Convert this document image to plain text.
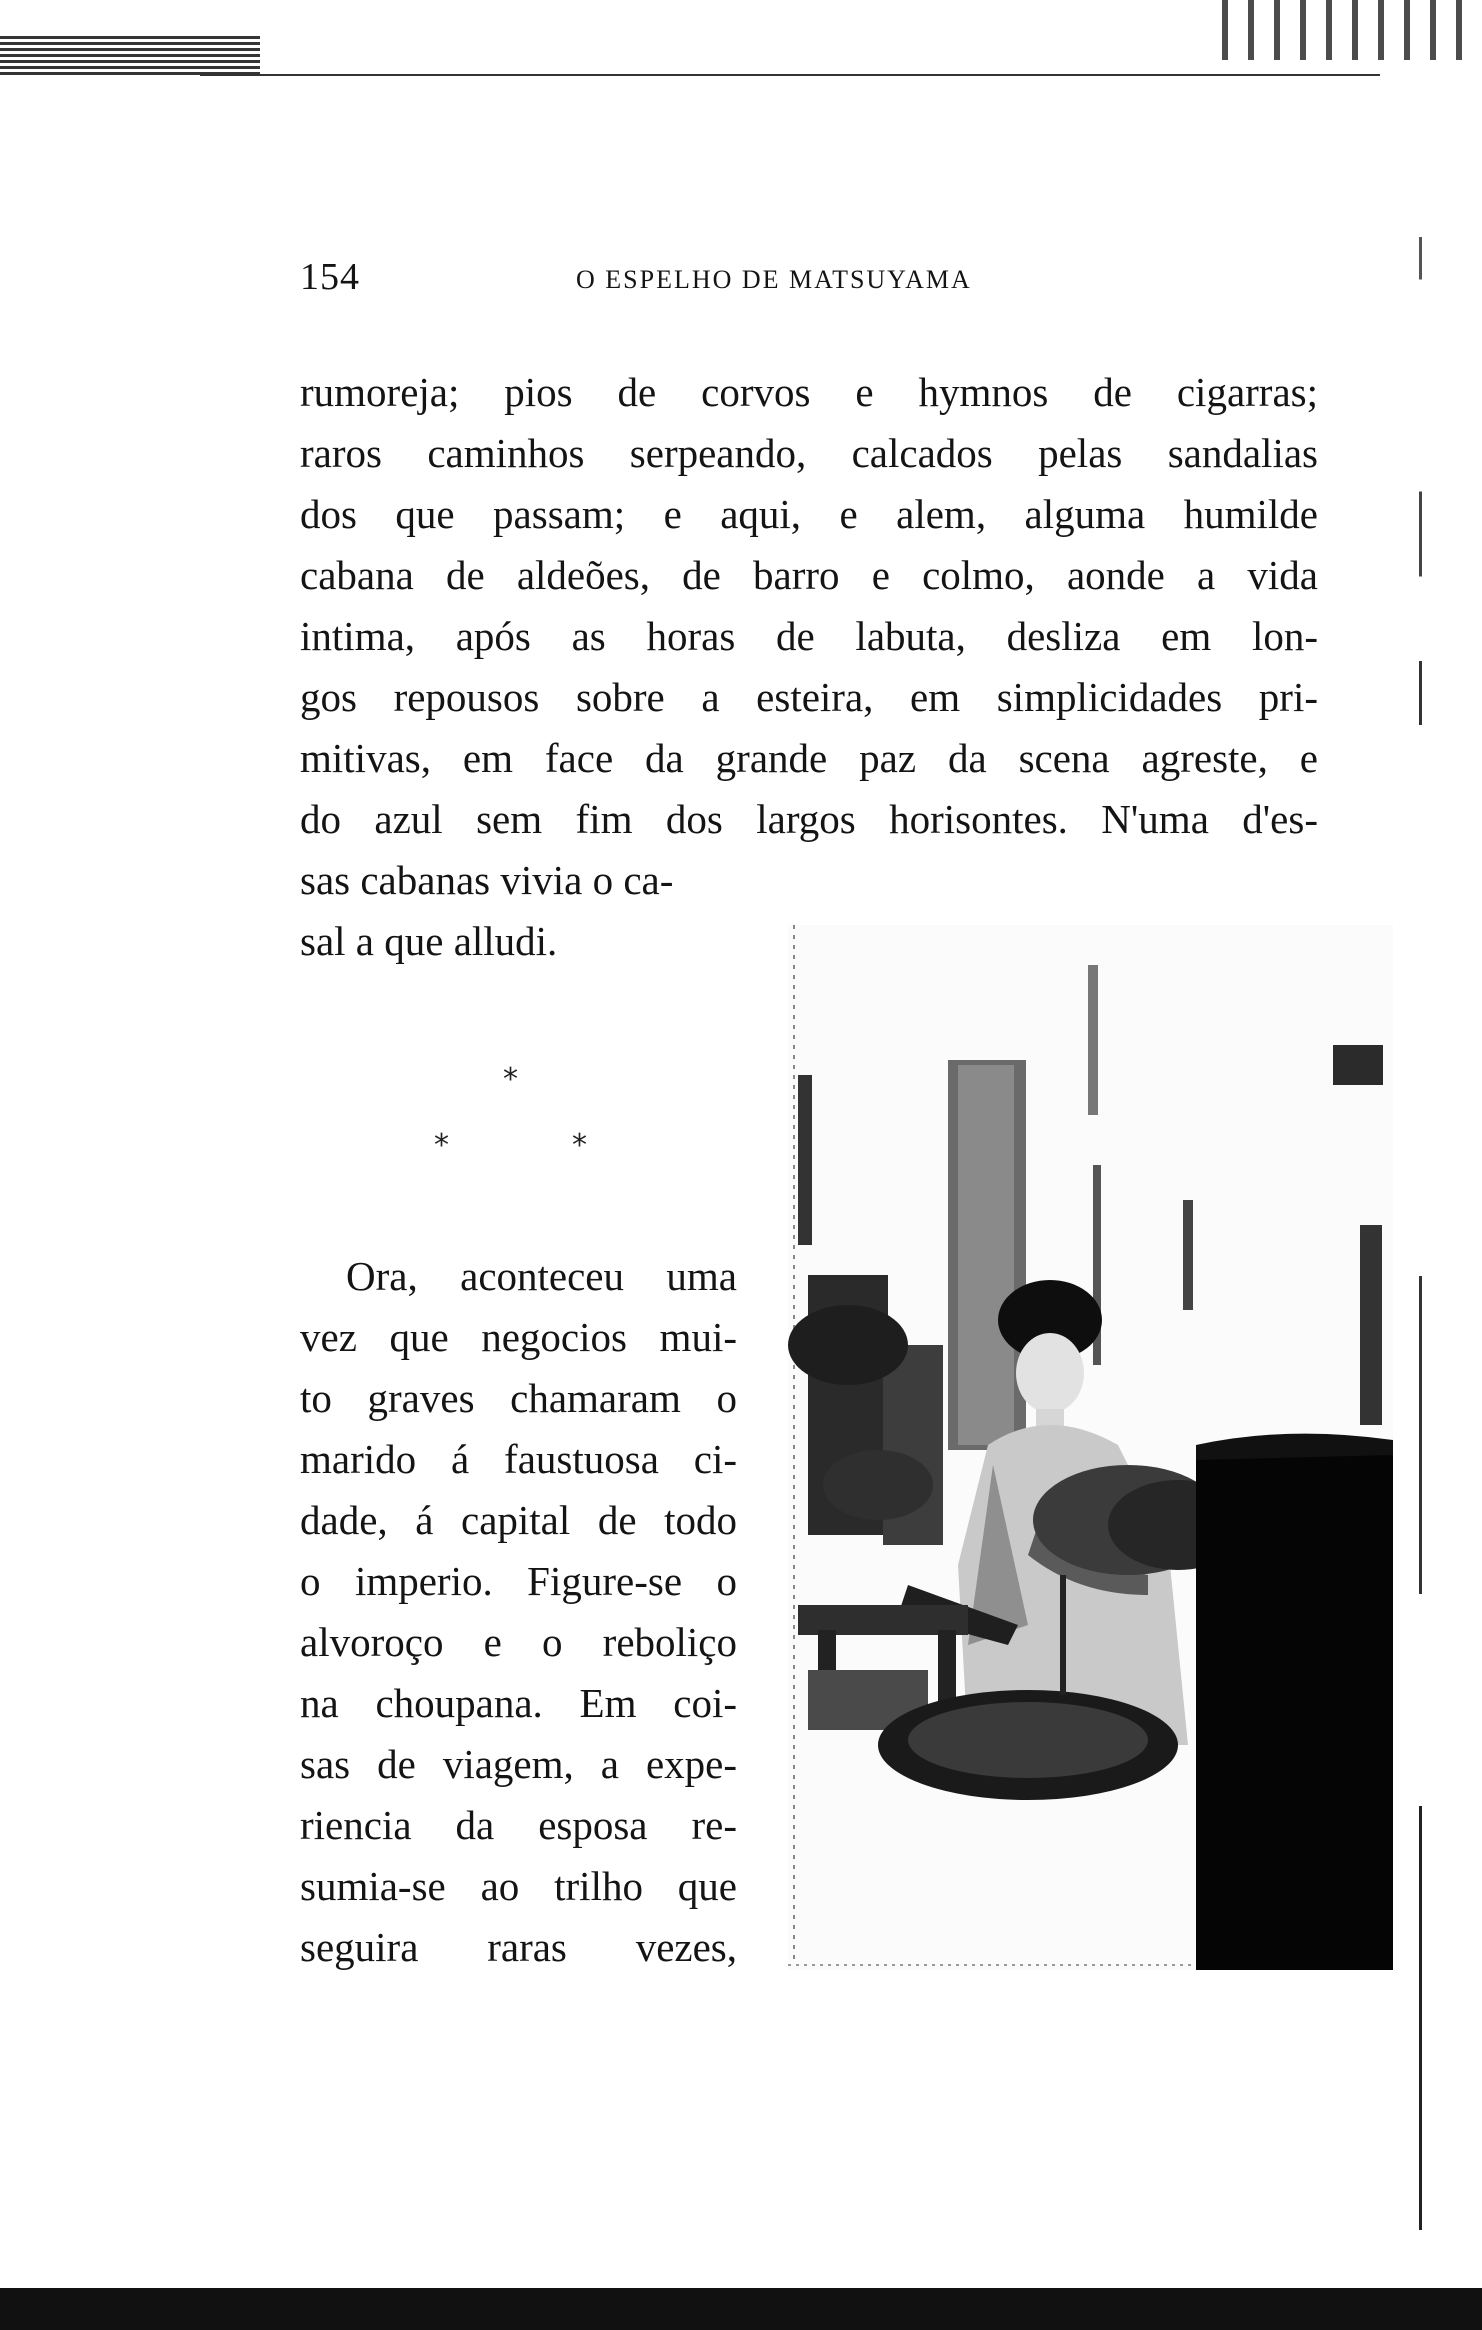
154	O ESPELHO DE MATSUYAMA
rumoreja; pios de corvos e hymnos de cigarras;
raros caminhos serpeando, calcados pelas sandalias
dos que passam; e aqui, e alem, alguma humilde
cabana de aldeões, de barro e colmo, aonde a vida
intima, após as horas de labuta, desliza em lon-
gos repousos sobre a esteira, em simplicidades pri-
mitivas, em face da grande paz da scena agreste, e
do azul sem fim dos largos horisontes. N'uma d'es-
sas cabanas vivia o ca-
sal a que alludi.
*
*	*
Ora, aconteceu uma
vez que negocios mui-
to graves chamaram o
marido á faustuosa ci-
dade, á capital de todo
o imperio. Figure-se o
alvoroço e o reboliço
na choupana. Em coi-
sas de viagem, a expe-
riencia da esposa re-
sumia-se ao trilho que
seguira raras vezes,
